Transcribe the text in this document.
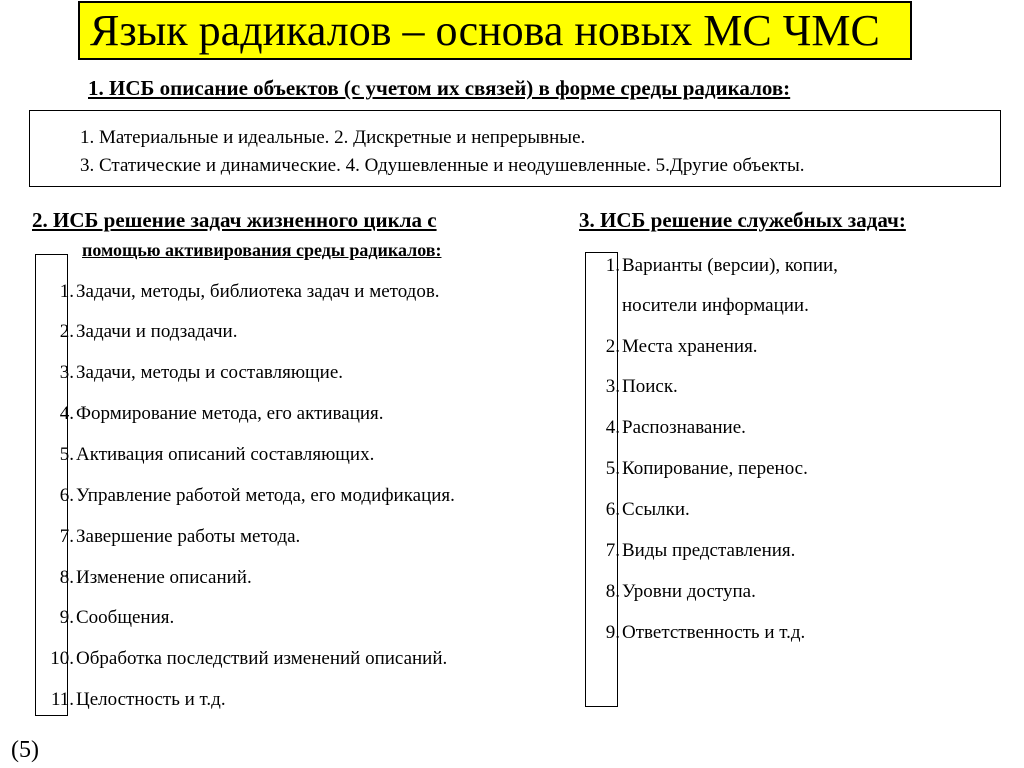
Язык радикалов – основа новых МС ЧМС
1. ИСБ описание объектов (с учетом их связей) в форме среды радикалов:
1. Материальные и идеальные. 2. Дискретные и непрерывные.
3. Статические и динамические. 4. Одушевленные и неодушевленные. 5.Другие объекты.
2. ИСБ решение задач жизненного цикла с
помощью активирования среды радикалов:
3. ИСБ решение служебных задач:
1. Задачи, методы, библиотека задач и методов.
2. Задачи и подзадачи.
3. Задачи, методы и составляющие.
4. Формирование метода, его активация.
5. Активация описаний составляющих.
6. Управление работой метода, его модификация.
7. Завершение работы метода.
8. Изменение описаний.
9. Сообщения.
10. Обработка последствий изменений описаний.
11. Целостность и т.д.
1. Варианты (версии), копии,
носители информации.
2. Места хранения.
3. Поиск.
4. Распознавание.
5. Копирование, перенос.
6. Ссылки.
7. Виды представления.
8. Уровни доступа.
9. Ответственность и т.д.
(5)
